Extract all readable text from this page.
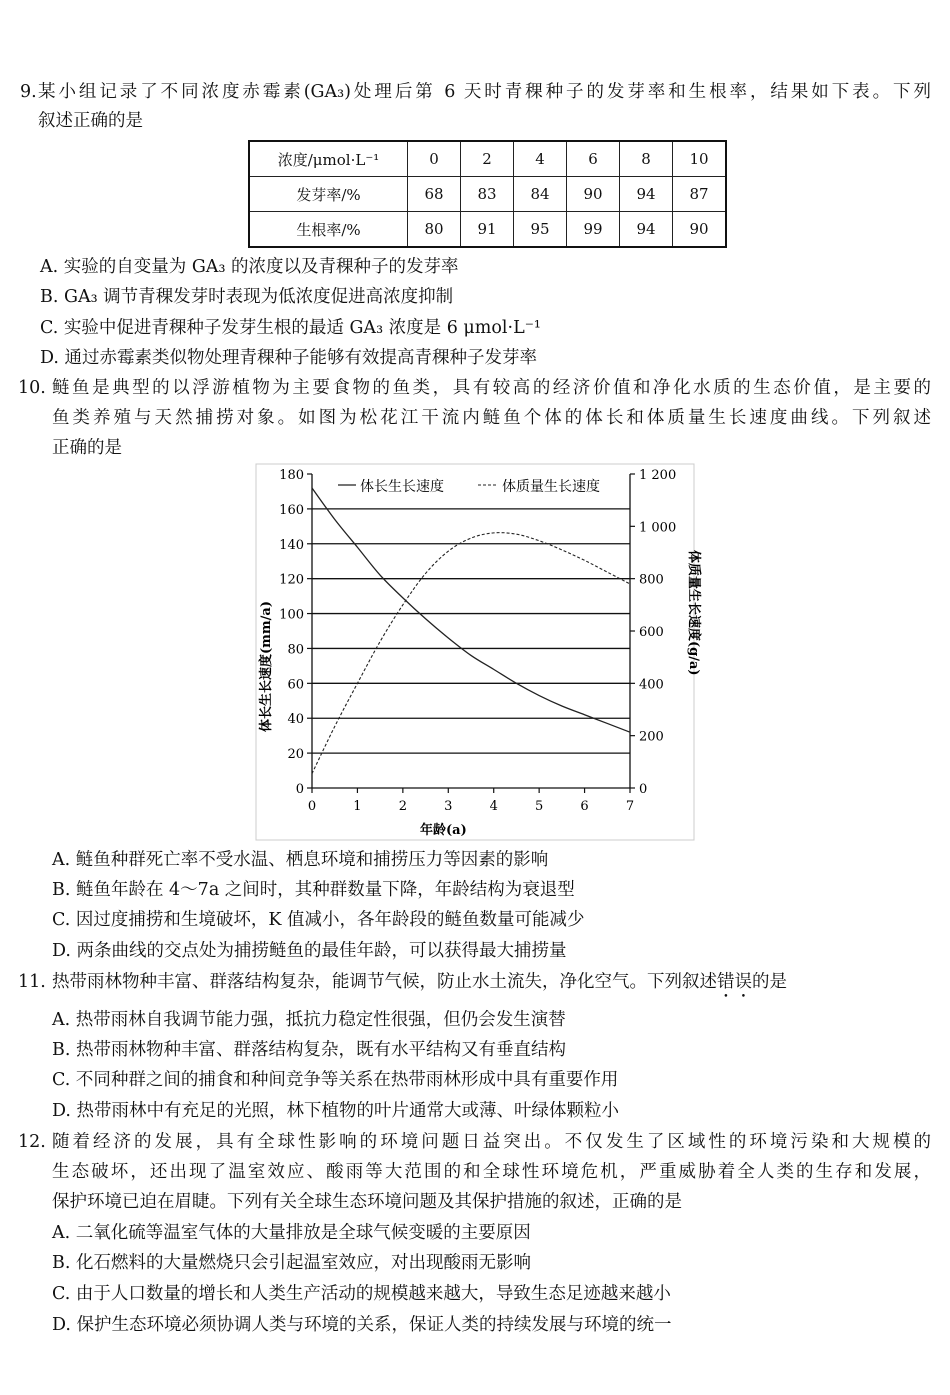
9. 某小组记录了不同浓度赤霉素(GA₃)处理后第 6 天时青稞种子的发芽率和生根率，结果如下表。下列
叙述正确的是
浓度/μmol·L⁻¹	0	2	4	6	8	10
发芽率/%	68	83	84	90	94	87
生根率/%	80	91	95	99	94	90
A. 实验的自变量为 GA₃ 的浓度以及青稞种子的发芽率
B. GA₃ 调节青稞发芽时表现为低浓度促进高浓度抑制
C. 实验中促进青稞种子发芽生根的最适 GA₃ 浓度是 6 μmol·L⁻¹
D. 通过赤霉素类似物处理青稞种子能够有效提高青稞种子发芽率
10. 鲢鱼是典型的以浮游植物为主要食物的鱼类，具有较高的经济价值和净化水质的生态价值，是主要的
鱼类养殖与天然捕捞对象。如图为松花江干流内鲢鱼个体的体长和体质量生长速度曲线。下列叙述
正确的是
0
20
40
60
80
100
120
140
160
180
0
200
400
600
800
1 000
1 200
0	1	2	3	4	5	6	7
体长生长速度	体质量生长速度
体长生长速度(mm/a)	体质量生长速度(g/a)
年龄(a)
A. 鲢鱼种群死亡率不受水温、栖息环境和捕捞压力等因素的影响
B. 鲢鱼年龄在 4～7a 之间时，其种群数量下降，年龄结构为衰退型
C. 因过度捕捞和生境破坏，K 值减小，各年龄段的鲢鱼数量可能减少
D. 两条曲线的交点处为捕捞鲢鱼的最佳年龄，可以获得最大捕捞量
11. 热带雨林物种丰富、群落结构复杂，能调节气候，防止水土流失，净化空气。下列叙述错误的是
A. 热带雨林自我调节能力强，抵抗力稳定性很强，但仍会发生演替
B. 热带雨林物种丰富、群落结构复杂，既有水平结构又有垂直结构
C. 不同种群之间的捕食和种间竞争等关系在热带雨林形成中具有重要作用
D. 热带雨林中有充足的光照，林下植物的叶片通常大或薄、叶绿体颗粒小
12. 随着经济的发展，具有全球性影响的环境问题日益突出。不仅发生了区域性的环境污染和大规模的
生态破坏，还出现了温室效应、酸雨等大范围的和全球性环境危机，严重威胁着全人类的生存和发展，
保护环境已迫在眉睫。下列有关全球生态环境问题及其保护措施的叙述，正确的是
A. 二氧化硫等温室气体的大量排放是全球气候变暖的主要原因
B. 化石燃料的大量燃烧只会引起温室效应，对出现酸雨无影响
C. 由于人口数量的增长和人类生产活动的规模越来越大，导致生态足迹越来越小
D. 保护生态环境必须协调人类与环境的关系，保证人类的持续发展与环境的统一
